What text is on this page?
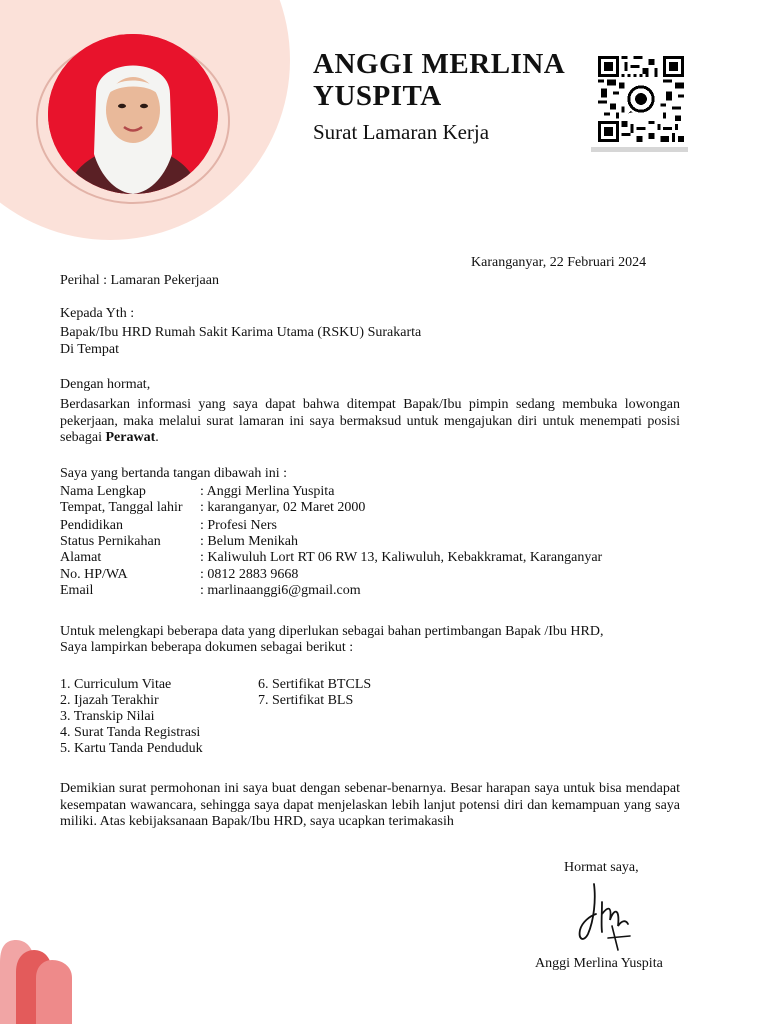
ANGGI MERLINA
YUSPITA
Surat Lamaran Kerja
Karanganyar, 22 Februari 2024
Perihal : Lamaran Pekerjaan
Kepada Yth :
Bapak/Ibu HRD Rumah Sakit Karima Utama (RSKU) Surakarta
Di Tempat
Dengan hormat,
Berdasarkan informasi yang saya dapat bahwa ditempat Bapak/Ibu pimpin sedang membuka lowongan pekerjaan, maka melalui surat lamaran ini saya bermaksud untuk mengajukan diri untuk menempati posisi sebagai Perawat.
Saya yang bertanda tangan dibawah ini :
Nama Lengkap	: Anggi Merlina Yuspita
Tempat, Tanggal lahir : karanganyar, 02 Maret 2000
Pendidikan	: Profesi Ners
Status Pernikahan	: Belum Menikah
Alamat	: Kaliwuluh Lort RT 06 RW 13, Kaliwuluh, Kebakkramat, Karanganyar
No. HP/WA	: 0812 2883 9668
Email	: marlinaanggi6@gmail.com
Untuk melengkapi beberapa data yang diperlukan sebagai bahan pertimbangan Bapak /Ibu HRD,
Saya lampirkan beberapa dokumen sebagai berikut :
1. Curriculum Vitae
2. Ijazah Terakhir
3. Transkip Nilai
4. Surat Tanda Registrasi
5. Kartu Tanda Penduduk
6. Sertifikat BTCLS
7. Sertifikat BLS
Demikian surat permohonan ini saya buat dengan sebenar-benarnya. Besar harapan saya untuk bisa mendapat kesempatan wawancara, sehingga saya dapat menjelaskan lebih lanjut potensi diri dan kemampuan yang saya miliki. Atas kebijaksanaan Bapak/Ibu HRD, saya ucapkan terimakasih
Hormat saya,
Anggi Merlina Yuspita
